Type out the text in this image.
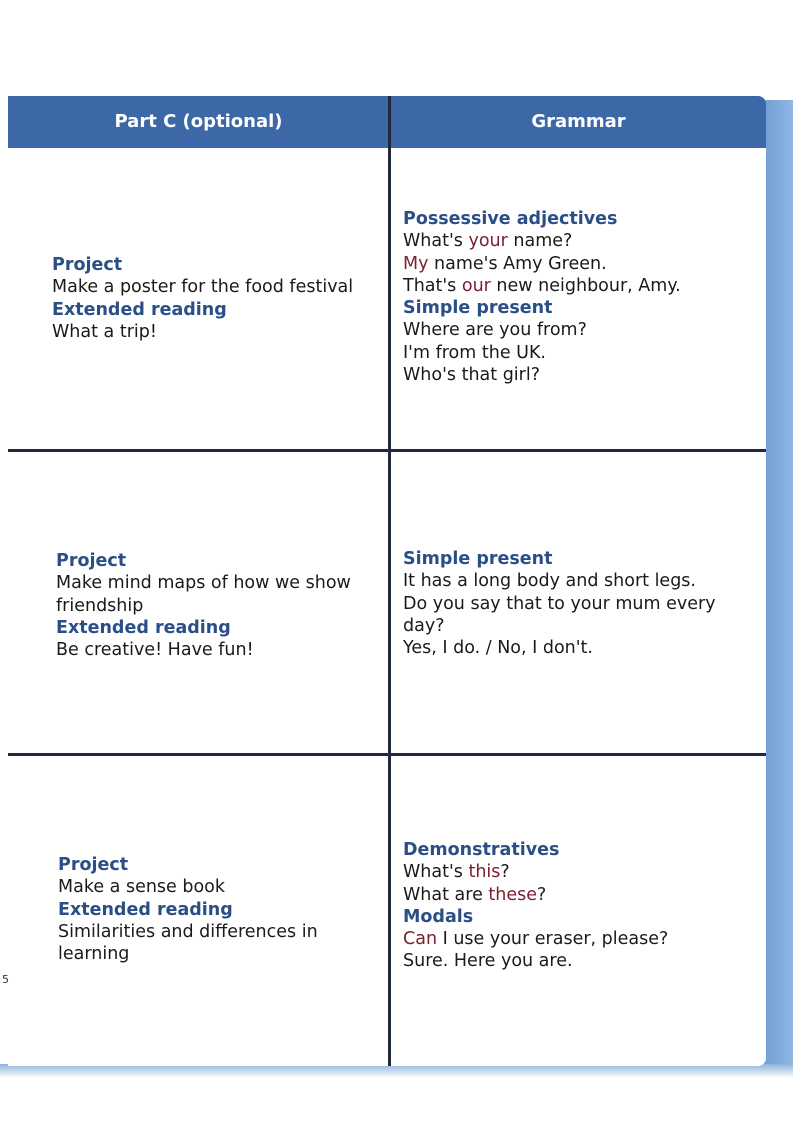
Part C (optional)	Grammar
Project
Make a poster for the food festival
Extended reading
What a trip!
Possessive adjectives
What's your name?
My name's Amy Green.
That's our new neighbour, Amy.
Simple present
Where are you from?
I'm from the UK.
Who's that girl?
Project
Make mind maps of how we show
friendship
Extended reading
Be creative! Have fun!
Simple present
It has a long body and short legs.
Do you say that to your mum every
day?
Yes, I do. / No, I don't.
Project
Make a sense book
Extended reading
Similarities and differences in
learning
Demonstratives
What's this?
What are these?
Modals
Can I use your eraser, please?
Sure. Here you are.
5
